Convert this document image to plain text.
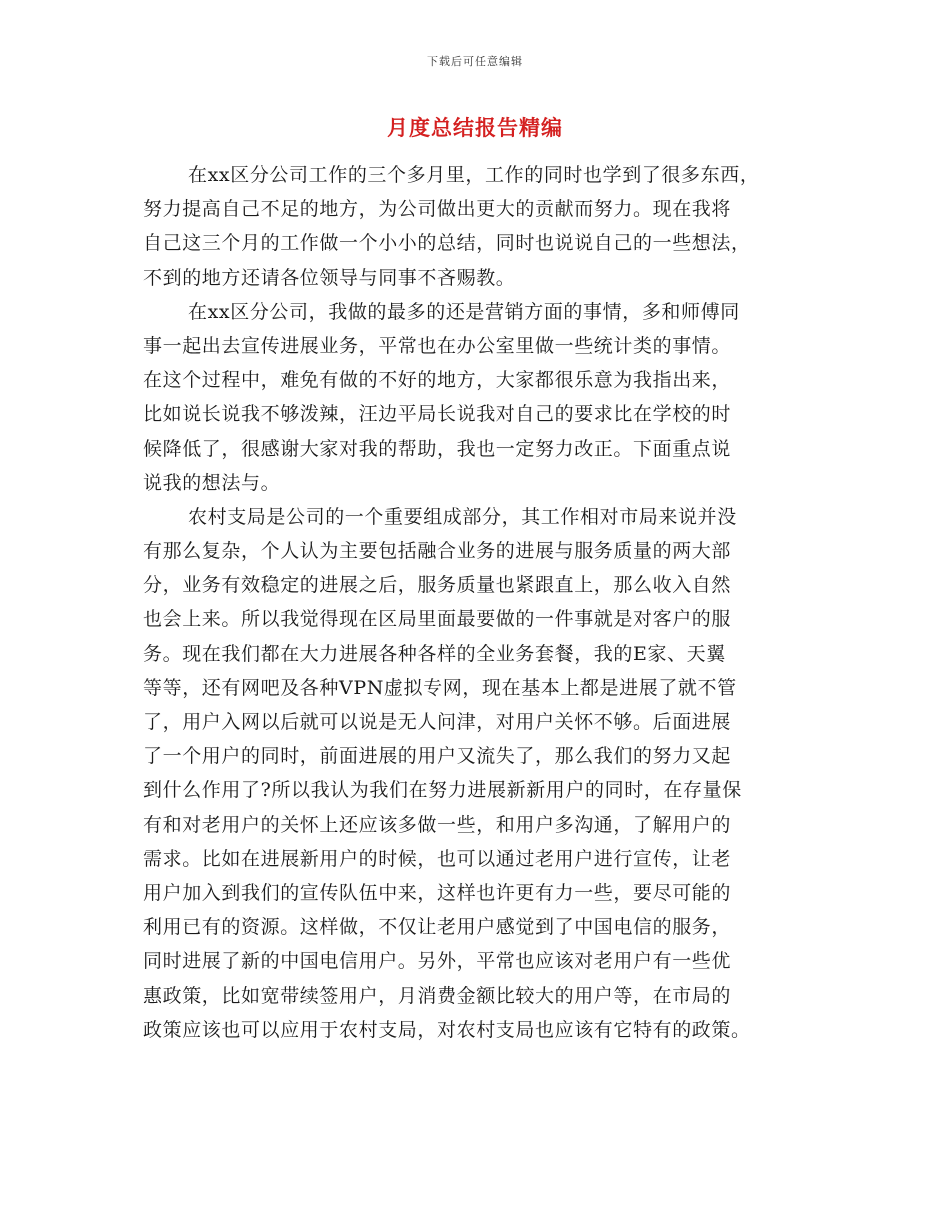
下载后可任意编辑
月度总结报告精编
在xx区分公司工作的三个多月里，工作的同时也学到了很多东西，
努力提高自己不足的地方，为公司做出更大的贡献而努力。现在我将
自己这三个月的工作做一个小小的总结，同时也说说自己的一些想法，
不到的地方还请各位领导与同事不吝赐教。
在xx区分公司，我做的最多的还是营销方面的事情，多和师傅同
事一起出去宣传进展业务，平常也在办公室里做一些统计类的事情。
在这个过程中，难免有做的不好的地方，大家都很乐意为我指出来，
比如说长说我不够泼辣，汪边平局长说我对自己的要求比在学校的时
候降低了，很感谢大家对我的帮助，我也一定努力改正。下面重点说
说我的想法与。
农村支局是公司的一个重要组成部分，其工作相对市局来说并没
有那么复杂，个人认为主要包括融合业务的进展与服务质量的两大部
分，业务有效稳定的进展之后，服务质量也紧跟直上，那么收入自然
也会上来。所以我觉得现在区局里面最要做的一件事就是对客户的服
务。现在我们都在大力进展各种各样的全业务套餐，我的E家、天翼
等等，还有网吧及各种VPN虚拟专网，现在基本上都是进展了就不管
了，用户入网以后就可以说是无人问津，对用户关怀不够。后面进展
了一个用户的同时，前面进展的用户又流失了，那么我们的努力又起
到什么作用了?所以我认为我们在努力进展新新用户的同时，在存量保
有和对老用户的关怀上还应该多做一些，和用户多沟通，了解用户的
需求。比如在进展新用户的时候，也可以通过老用户进行宣传，让老
用户加入到我们的宣传队伍中来，这样也许更有力一些，要尽可能的
利用已有的资源。这样做，不仅让老用户感觉到了中国电信的服务，
同时进展了新的中国电信用户。另外，平常也应该对老用户有一些优
惠政策，比如宽带续签用户，月消费金额比较大的用户等，在市局的
政策应该也可以应用于农村支局，对农村支局也应该有它特有的政策。
